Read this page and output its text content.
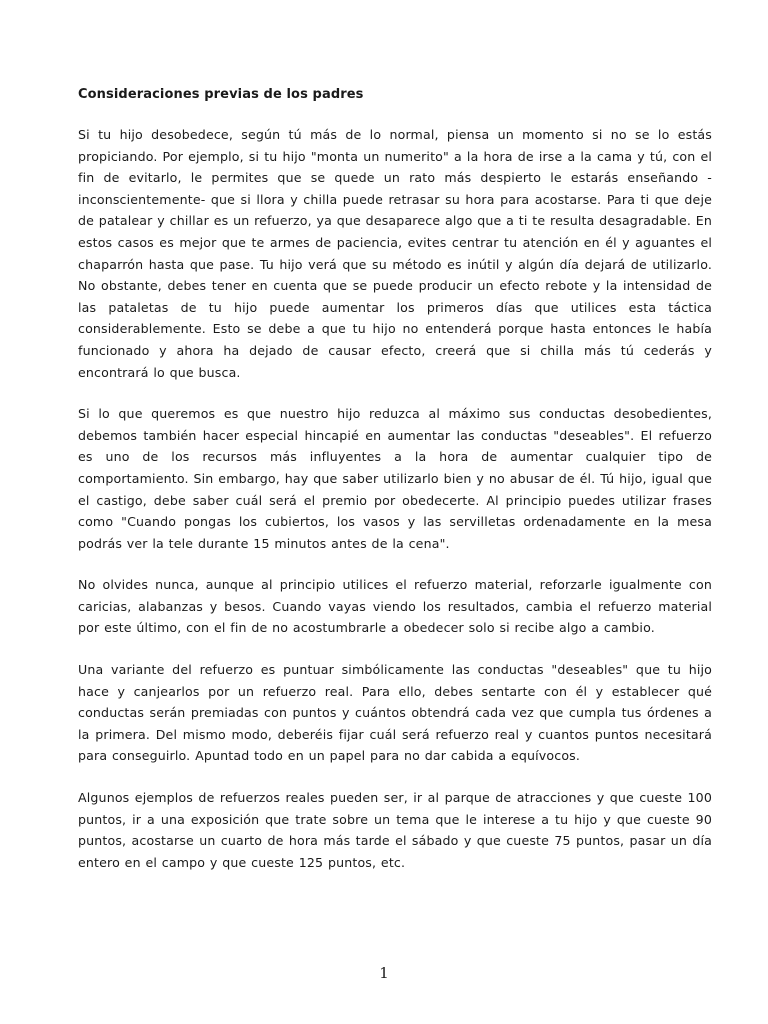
Consideraciones previas de los padres

Si tu hijo desobedece, según tú más de lo normal, piensa un momento si no se lo estás propiciando. Por ejemplo, si tu hijo "monta un numerito" a la hora de irse a la cama y tú, con el fin de evitarlo, le permites que se quede un rato más despierto le estarás enseñando -inconscientemente- que si llora y chilla puede retrasar su hora para acostarse. Para ti que deje de patalear y chillar es un refuerzo, ya que desaparece algo que a ti te resulta desagradable. En estos casos es mejor que te armes de paciencia, evites centrar tu atención en él y aguantes el chaparrón hasta que pase. Tu hijo verá que su método es inútil y algún día dejará de utilizarlo. No obstante, debes tener en cuenta que se puede producir un efecto rebote y la intensidad de las pataletas de tu hijo puede aumentar los primeros días que utilices esta táctica considerablemente. Esto se debe a que tu hijo no entenderá porque hasta entonces le había funcionado y ahora ha dejado de causar efecto, creerá que si chilla más tú cederás y encontrará lo que busca.

Si lo que queremos es que nuestro hijo reduzca al máximo sus conductas desobedientes, debemos también hacer especial hincapié en aumentar las conductas "deseables". El refuerzo es uno de los recursos más influyentes a la hora de aumentar cualquier tipo de comportamiento. Sin embargo, hay que saber utilizarlo bien y no abusar de él. Tú hijo, igual que el castigo, debe saber cuál será el premio por obedecerte. Al principio puedes utilizar frases como "Cuando pongas los cubiertos, los vasos y las servilletas ordenadamente en la mesa podrás ver la tele durante 15 minutos antes de la cena".

No olvides nunca, aunque al principio utilices el refuerzo material, reforzarle igualmente con caricias, alabanzas y besos. Cuando vayas viendo los resultados, cambia el refuerzo material por este último, con el fin de no acostumbrarle a obedecer solo si recibe algo a cambio.

Una variante del refuerzo es puntuar simbólicamente las conductas "deseables" que tu hijo hace y canjearlos por un refuerzo real. Para ello, debes sentarte con él y establecer qué conductas serán premiadas con puntos y cuántos obtendrá cada vez que cumpla tus órdenes a la primera. Del mismo modo, deberéis fijar cuál será refuerzo real y cuantos puntos necesitará para conseguirlo. Apuntad todo en un papel para no dar cabida a equívocos.

Algunos ejemplos de refuerzos reales pueden ser, ir al parque de atracciones y que cueste 100 puntos, ir a una exposición que trate sobre un tema que le interese a tu hijo y que cueste 90 puntos, acostarse un cuarto de hora más tarde el sábado y que cueste 75 puntos, pasar un día entero en el campo y que cueste 125 puntos, etc.

1
